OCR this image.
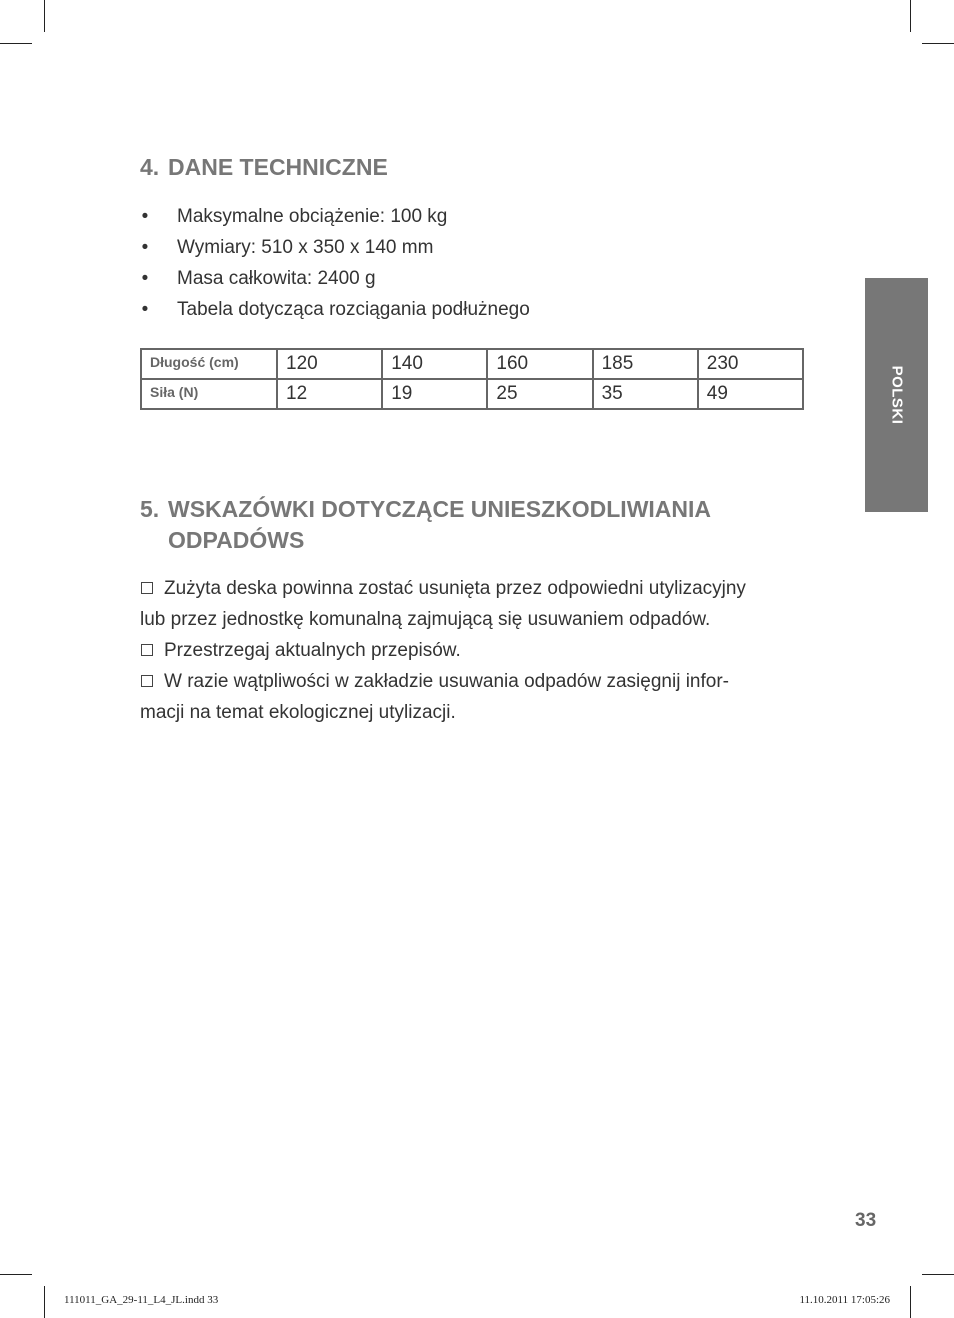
4. DANE TECHNICZNE
• Maksymalne obciążenie: 100 kg
• Wymiary: 510 x 350 x 140 mm
• Masa całkowita: 2400 g
• Tabela dotycząca rozciągania podłużnego
Długość (cm)	120	140	160	185	230
Siła (N)	12	19	25	35	49
5. WSKAZÓWKI DOTYCZĄCE UNIESZKODLIWIANIA
ODPADÓWS

Zużyta deska powinna zostać usunięta przez odpowiedni utylizacyjny

lub przez jednostkę komunalną zajmującą się usuwaniem odpadów.

Przestrzegaj aktualnych przepisów.

W razie wątpliwości w zakładzie usuwania odpadów zasięgnij infor-

macji na temat ekologicznej utylizacji.

POLSKI
33
111011_GA_29-11_L4_JL.indd 33	11.10.2011 17:05:26
